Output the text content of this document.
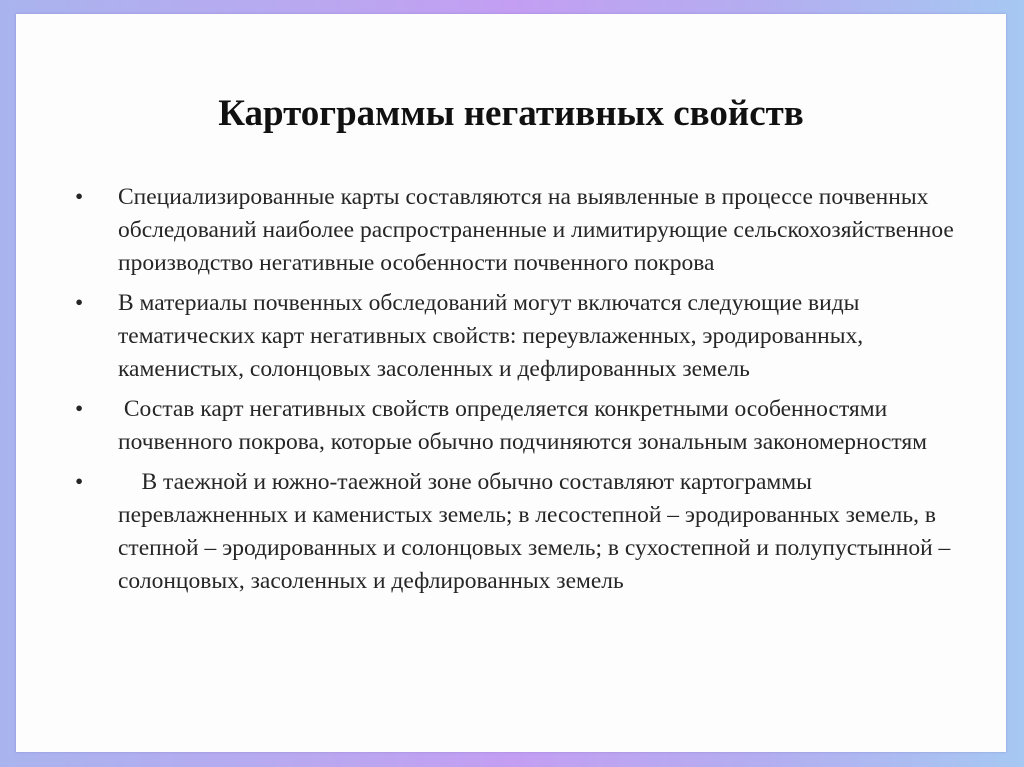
Картограммы негативных свойств
• Специализированные карты составляются на выявленные в процессе почвенных обследований наиболее распространенные и лимитирующие сельскохозяйственное производство негативные особенности почвенного покрова
• В материалы почвенных обследований могут включатся следующие виды тематических карт негативных свойств: переувлаженных, эродированных, каменистых, солонцовых засоленных и дефлированных земель
• Состав карт негативных свойств определяется конкретными особенностями почвенного покрова, которые обычно подчиняются зональным закономерностям
• В таежной и южно-таежной зоне обычно составляют картограммы перевлажненных и каменистых земель; в лесостепной – эродированных земель, в степной – эродированных и солонцовых земель; в сухостепной и полупустынной – солонцовых, засоленных и дефлированных земель
